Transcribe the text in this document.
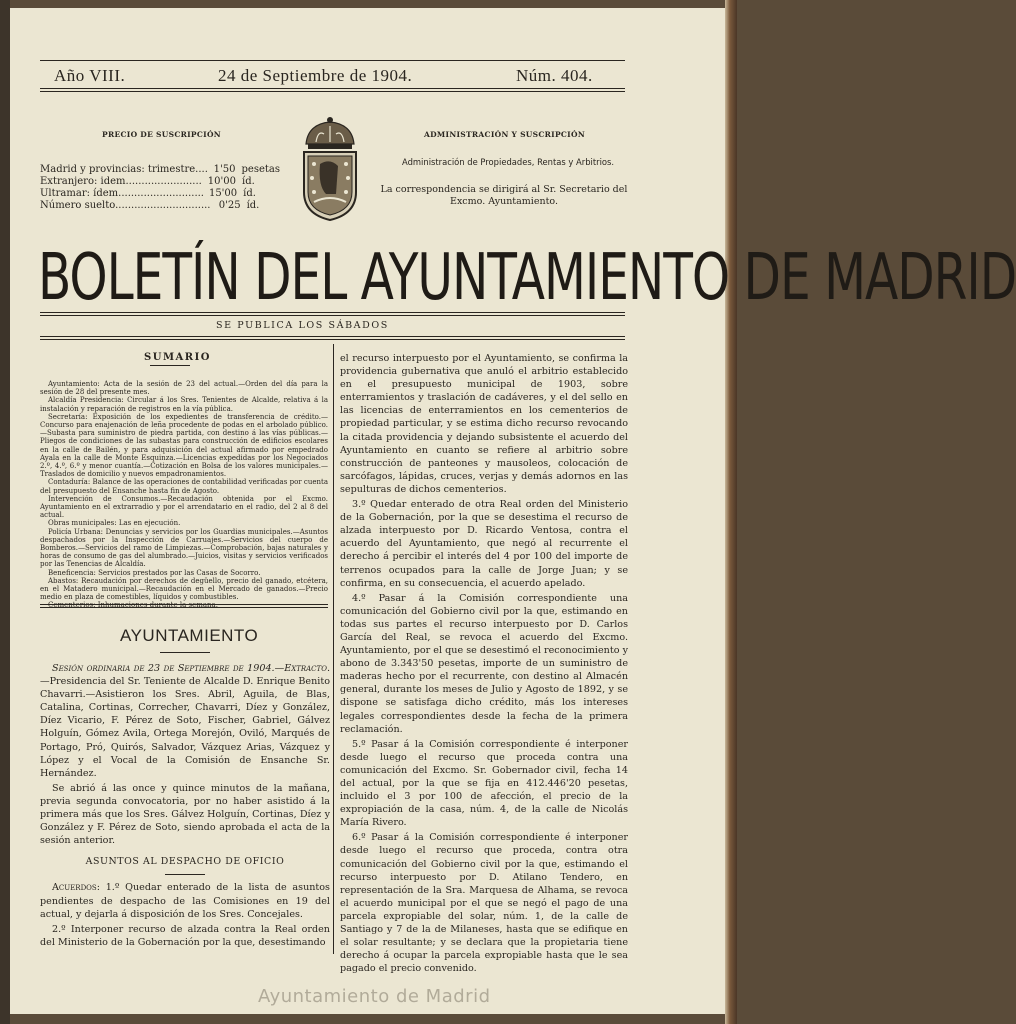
Año VIII.	24 de Septiembre de 1904.	Núm. 404.
PRECIO DE SUSCRIPCIÓN
Madrid y provincias: trimestre.... 1'50 pesetas
Extranjero: idem........................ 10'00 íd.
Ultramar: ídem........................... 15'00 íd.
Número suelto.............................. 0'25 íd.
ADMINISTRACIÓN Y SUSCRIPCIÓN
Administración de Propiedades, Rentas y Arbitrios.
La correspondencia se dirigirá al Sr. Secretario del Excmo. Ayuntamiento.
BOLETÍN DEL AYUNTAMIENTO DE MADRID
SE PUBLICA LOS SÁBADOS
SUMARIO

Ayuntamiento: Acta de la sesión de 23 del actual.—Orden del día para la sesión de 28 del presente mes.

Alcaldía Presidencia: Circular á los Sres. Tenientes de Alcalde, relativa á la instalación y reparación de registros en la vía pública.

Secretaría: Exposición de los expedientes de transferencia de crédito.—Concurso para enajenación de leña procedente de podas en el arbolado público.—Subasta para suministro de piedra partida, con destino á las vías públicas.—Pliegos de condiciones de las subastas para construcción de edificios escolares en la calle de Bailén, y para adquisición del actual afirmado por empedrado Ayala en la calle de Monte Esquinza.—Licencias expedidas por los Negociados 2.º, 4.º, 6.º y menor cuantía.—Cotización en Bolsa de los valores municipales.—Traslados de domicilio y nuevos empadronamientos.

Contaduría: Balance de las operaciones de contabilidad verificadas por cuenta del presupuesto del Ensanche hasta fin de Agosto.

Intervención de Consumos.—Recaudación obtenida por el Excmo. Ayuntamiento en el extrarradio y por el arrendatario en el radio, del 2 al 8 del actual.

Obras municipales: Las en ejecución.

Policía Urbana: Denuncias y servicios por los Guardias municipales.—Asuntos despachados por la Inspección de Carruajes.—Servicios del cuerpo de Bomberos.—Servicios del ramo de Limpiezas.—Comprobación, bajas naturales y horas de consumo de gas del alumbrado.—Juicios, visitas y servicios verificados por las Tenencias de Alcaldía.

Beneficencia: Servicios prestados por las Casas de Socorro.

Abastos: Recaudación por derechos de degüello, precio del ganado, etcétera, en el Matadero municipal.—Recaudación en el Mercado de ganados.—Precio medio en plaza de comestibles, líquidos y combustibles.

Cementerios: Inhumaciones durante la semana.

AYUNTAMIENTO

Sesión ordinaria de 23 de Septiembre de 1904.—Extracto.—Presidencia del Sr. Teniente de Alcalde D. Enrique Benito Chavarri.—Asistieron los Sres. Abril, Aguila, de Blas, Catalina, Cortinas, Correcher, Chavarri, Díez y González, Díez Vicario, F. Pérez de Soto, Fischer, Gabriel, Gálvez Holguín, Gómez Avila, Ortega Morejón, Oviló, Marqués de Portago, Pró, Quirós, Salvador, Vázquez Arias, Vázquez y López y el Vocal de la Comisión de Ensanche Sr. Hernández.

Se abrió á las once y quince minutos de la mañana, previa segunda convocatoria, por no haber asistido á la primera más que los Sres. Gálvez Holguín, Cortinas, Díez y González y F. Pérez de Soto, siendo aprobada el acta de la sesión anterior.

ASUNTOS AL DESPACHO DE OFICIO

Acuerdos: 1.º Quedar enterado de la lista de asuntos pendientes de despacho de las Comisiones en 19 del actual, y dejarla á disposición de los Sres. Concejales.

2.º Interponer recurso de alzada contra la Real orden del Ministerio de la Gobernación por la que, desestimando

el recurso interpuesto por el Ayuntamiento, se confirma la providencia gubernativa que anuló el arbitrio establecido en el presupuesto municipal de 1903, sobre enterramientos y traslación de cadáveres, y el del sello en las licencias de enterramientos en los cementerios de propiedad particular, y se estima dicho recurso revocando la citada providencia y dejando subsistente el acuerdo del Ayuntamiento en cuanto se refiere al arbitrio sobre construcción de panteones y mausoleos, colocación de sarcófagos, lápidas, cruces, verjas y demás adornos en las sepulturas de dichos cementerios.

3.º Quedar enterado de otra Real orden del Ministerio de la Gobernación, por la que se desestima el recurso de alzada interpuesto por D. Ricardo Ventosa, contra el acuerdo del Ayuntamiento, que negó al recurrente el derecho á percibir el interés del 4 por 100 del importe de terrenos ocupados para la calle de Jorge Juan; y se confirma, en su consecuencia, el acuerdo apelado.

4.º Pasar á la Comisión correspondiente una comunicación del Gobierno civil por la que, estimando en todas sus partes el recurso interpuesto por D. Carlos García del Real, se revoca el acuerdo del Excmo. Ayuntamiento, por el que se desestimó el reconocimiento y abono de 3.343'50 pesetas, importe de un suministro de maderas hecho por el recurrente, con destino al Almacén general, durante los meses de Julio y Agosto de 1892, y se dispone se satisfaga dicho crédito, más los intereses legales correspondientes desde la fecha de la primera reclamación.

5.º Pasar á la Comisión correspondiente é interponer desde luego el recurso que proceda contra una comunicación del Excmo. Sr. Gobernador civil, fecha 14 del actual, por la que se fija en 412.446'20 pesetas, incluido el 3 por 100 de afección, el precio de la expropiación de la casa, núm. 4, de la calle de Nicolás María Rivero.

6.º Pasar á la Comisión correspondiente é interponer desde luego el recurso que proceda, contra otra comunicación del Gobierno civil por la que, estimando el recurso interpuesto por D. Atilano Tendero, en representación de la Sra. Marquesa de Alhama, se revoca el acuerdo municipal por el que se negó el pago de una parcela expropiable del solar, núm. 1, de la calle de Santiago y 7 de la de Milaneses, hasta que se edifique en el solar resultante; y se declara que la propietaria tiene derecho á ocupar la parcela expropiable hasta que le sea pagado el precio convenido.

Ayuntamiento de Madrid
